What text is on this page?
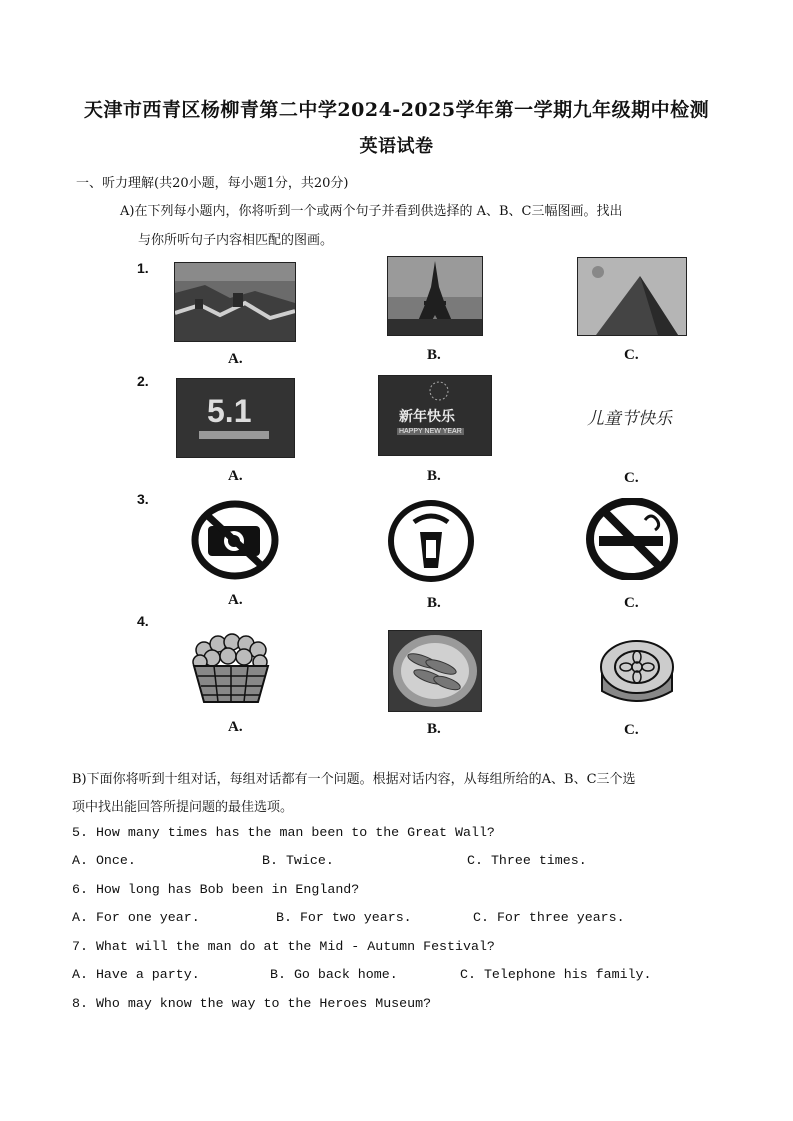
天津市西青区杨柳青第二中学2024-2025学年第一学期九年级期中检测
英语试卷
一、听力理解(共20小题，每小题1分，共20分)
A)在下列每小题内，你将听到一个或两个句子并看到供选择的 A、B、C三幅图画。找出
与你所听句子内容相匹配的图画。
1.
A.	B.	C.
2.
5.1
A.
新年快乐
HAPPY NEW YEAR
B.
儿童节快乐
C.
3.
A.	B.	C.
4.
A.	B.	C.
B)下面你将听到十组对话，每组对话都有一个问题。根据对话内容，从每组所给的A、B、C三个选
项中找出能回答所提问题的最佳选项。
5. How many times has the man been to the Great Wall?
A. Once.	B. Twice.	C. Three times.
6. How long has Bob been in England?
A. For one year.	B. For two years.	C. For three years.
7. What will the man do at the Mid - Autumn Festival?
A. Have a party.	B. Go back home.	C. Telephone his family.
8. Who may know the way to the Heroes Museum?
